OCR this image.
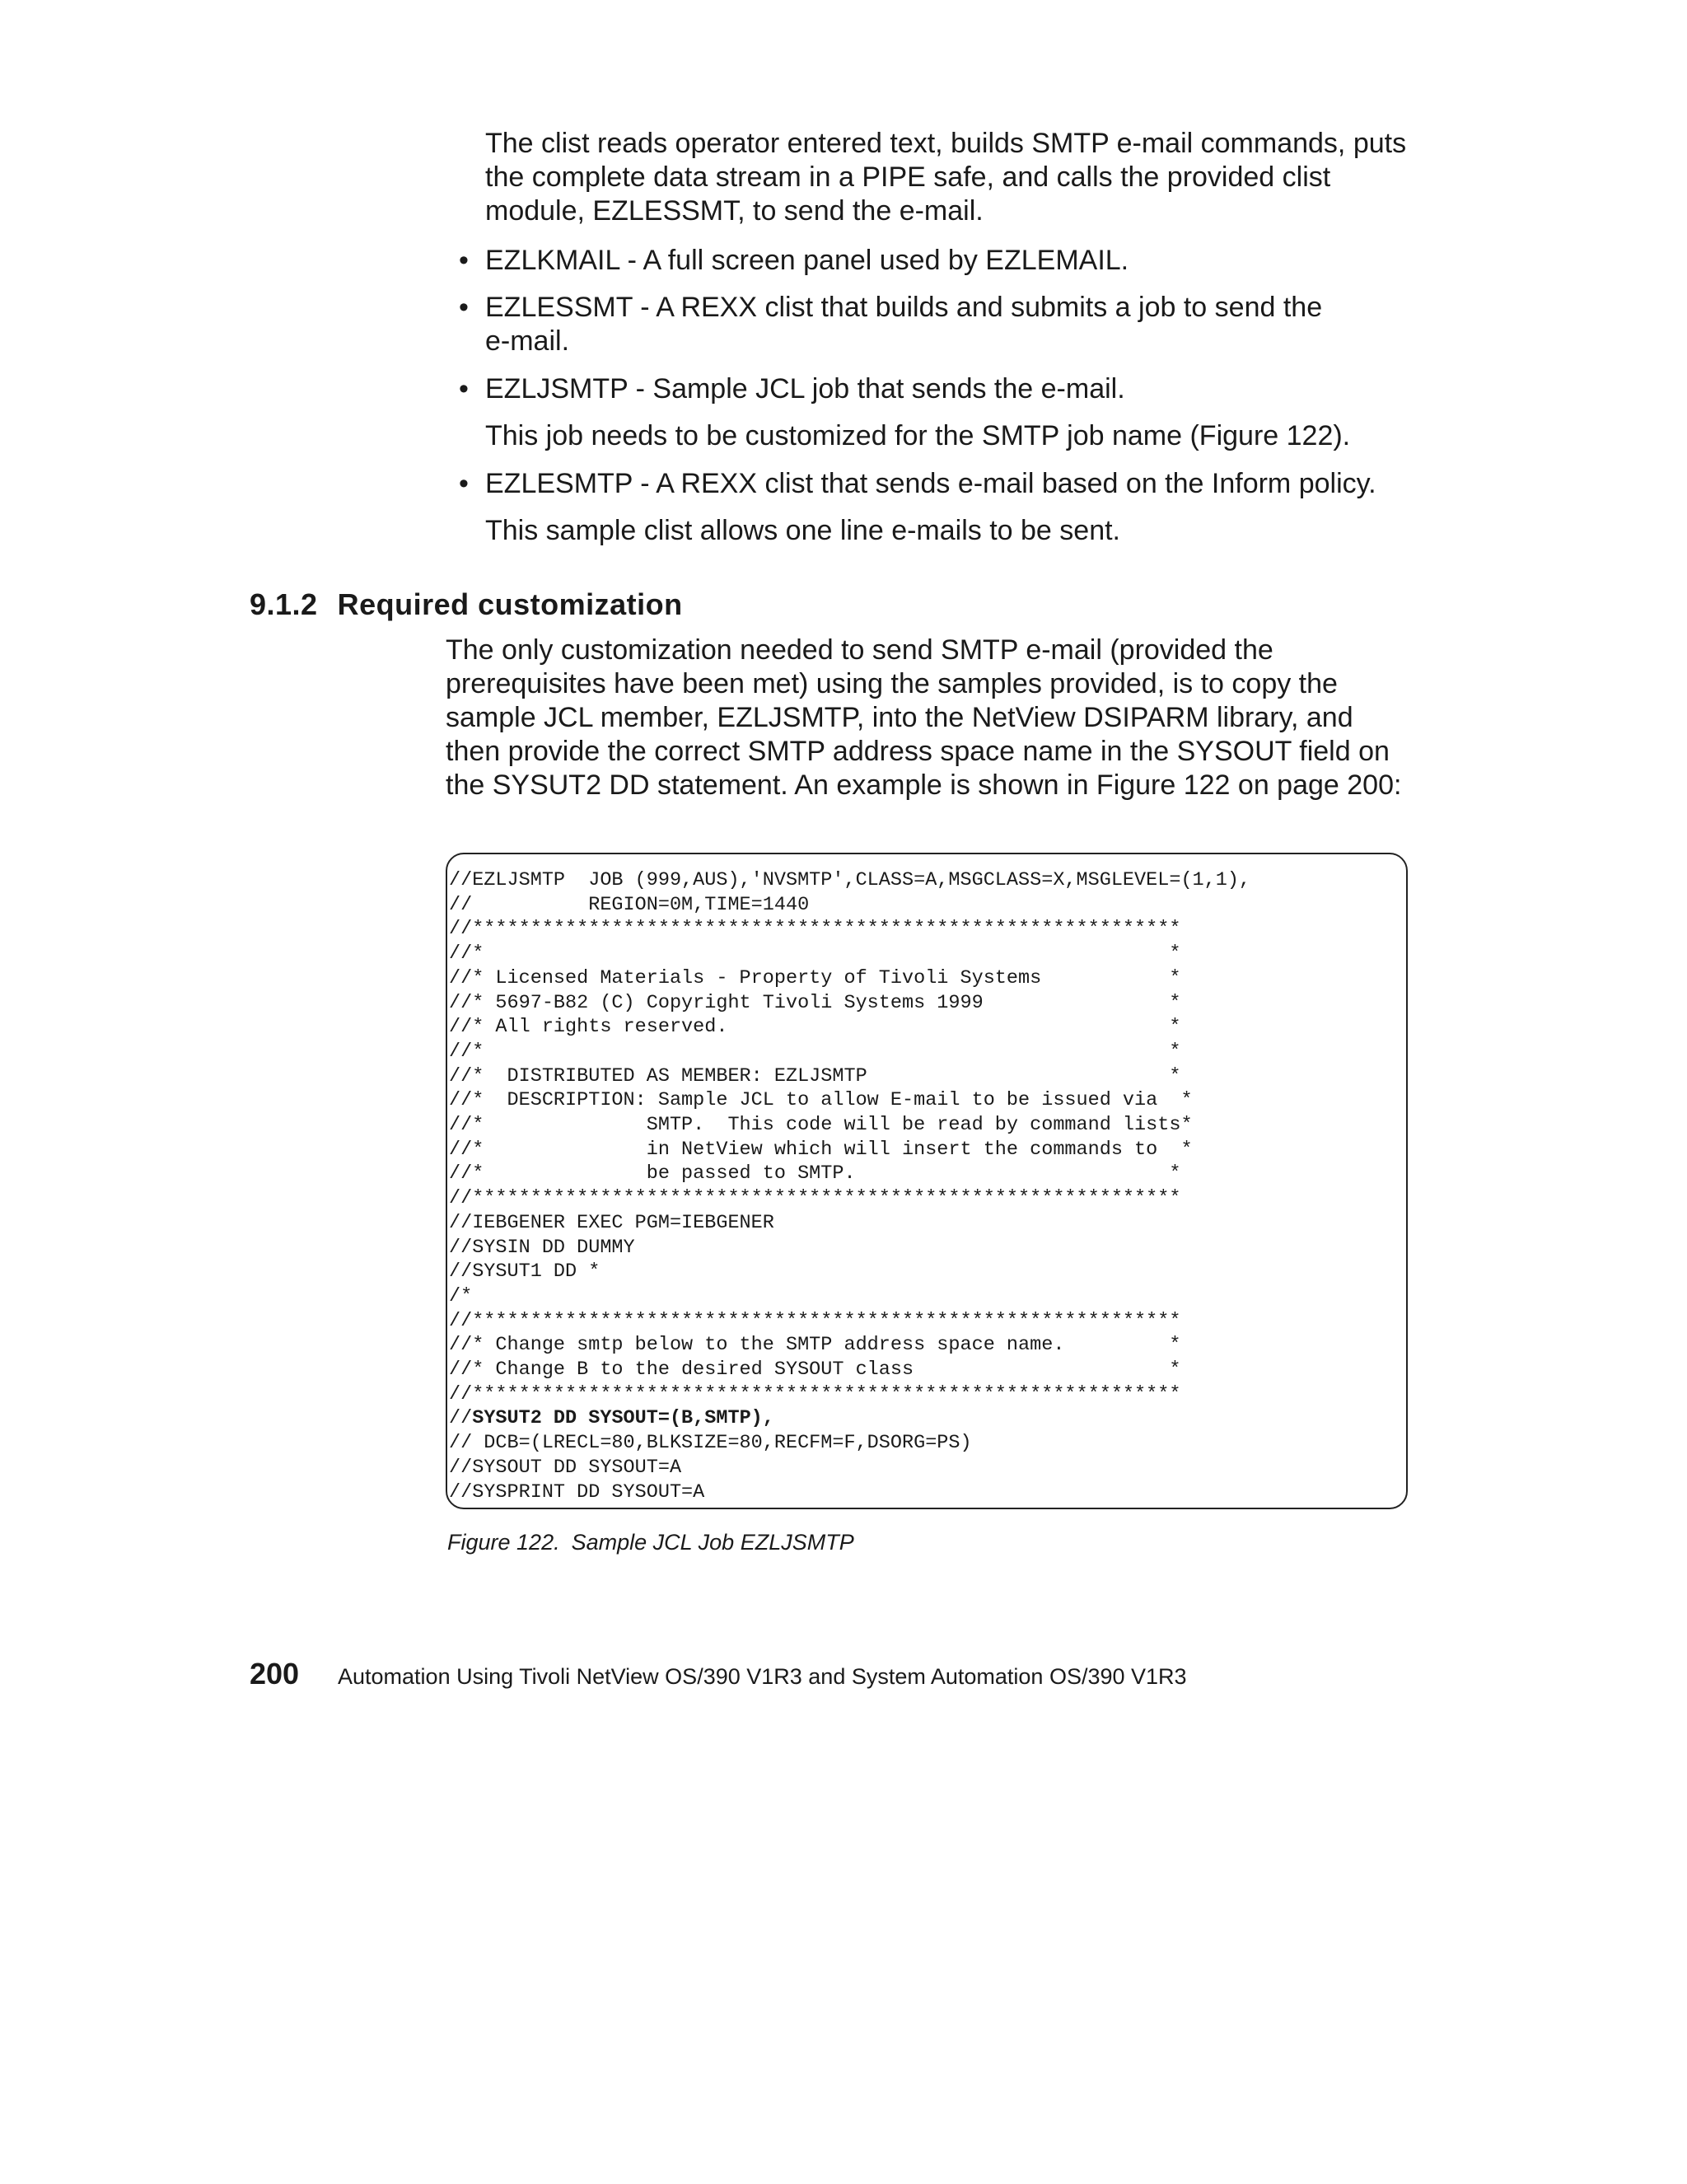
The clist reads operator entered text, builds SMTP e-mail commands, puts
the complete data stream in a PIPE safe, and calls the provided clist
module, EZLESSMT, to send the e-mail.
• EZLKMAIL - A full screen panel used by EZLEMAIL.
• EZLESSMT - A REXX clist that builds and submits a job to send the
e-mail.
• EZLJSMTP - Sample JCL job that sends the e-mail.
This job needs to be customized for the SMTP job name (Figure 122).
• EZLESMTP - A REXX clist that sends e-mail based on the Inform policy.
This sample clist allows one line e-mails to be sent.
9.1.2 Required customization
The only customization needed to send SMTP e-mail (provided the
prerequisites have been met) using the samples provided, is to copy the
sample JCL member, EZLJSMTP, into the NetView DSIPARM library, and
then provide the correct SMTP address space name in the SYSOUT field on
the SYSUT2 DD statement. An example is shown in Figure 122 on page 200:
//EZLJSMTP  JOB (999,AUS),'NVSMTP',CLASS=A,MSGCLASS=X,MSGLEVEL=(1,1),
//          REGION=0M,TIME=1440
//*************************************************************
//*                                                           *
//* Licensed Materials - Property of Tivoli Systems           *
//* 5697-B82 (C) Copyright Tivoli Systems 1999                *
//* All rights reserved.                                      *
//*                                                           *
//*  DISTRIBUTED AS MEMBER: EZLJSMTP                          *
//*  DESCRIPTION: Sample JCL to allow E-mail to be issued via  *
//*              SMTP.  This code will be read by command lists*
//*              in NetView which will insert the commands to  *
//*              be passed to SMTP.                           *
//*************************************************************
//IEBGENER EXEC PGM=IEBGENER
//SYSIN DD DUMMY
//SYSUT1 DD *
/*
//*************************************************************
//* Change smtp below to the SMTP address space name.         *
//* Change B to the desired SYSOUT class                      *
//*************************************************************
//SYSUT2 DD SYSOUT=(B,SMTP),
// DCB=(LRECL=80,BLKSIZE=80,RECFM=F,DSORG=PS)
//SYSOUT DD SYSOUT=A
//SYSPRINT DD SYSOUT=A
Figure 122. Sample JCL Job EZLJSMTP
200 Automation Using Tivoli NetView OS/390 V1R3 and System Automation OS/390 V1R3
